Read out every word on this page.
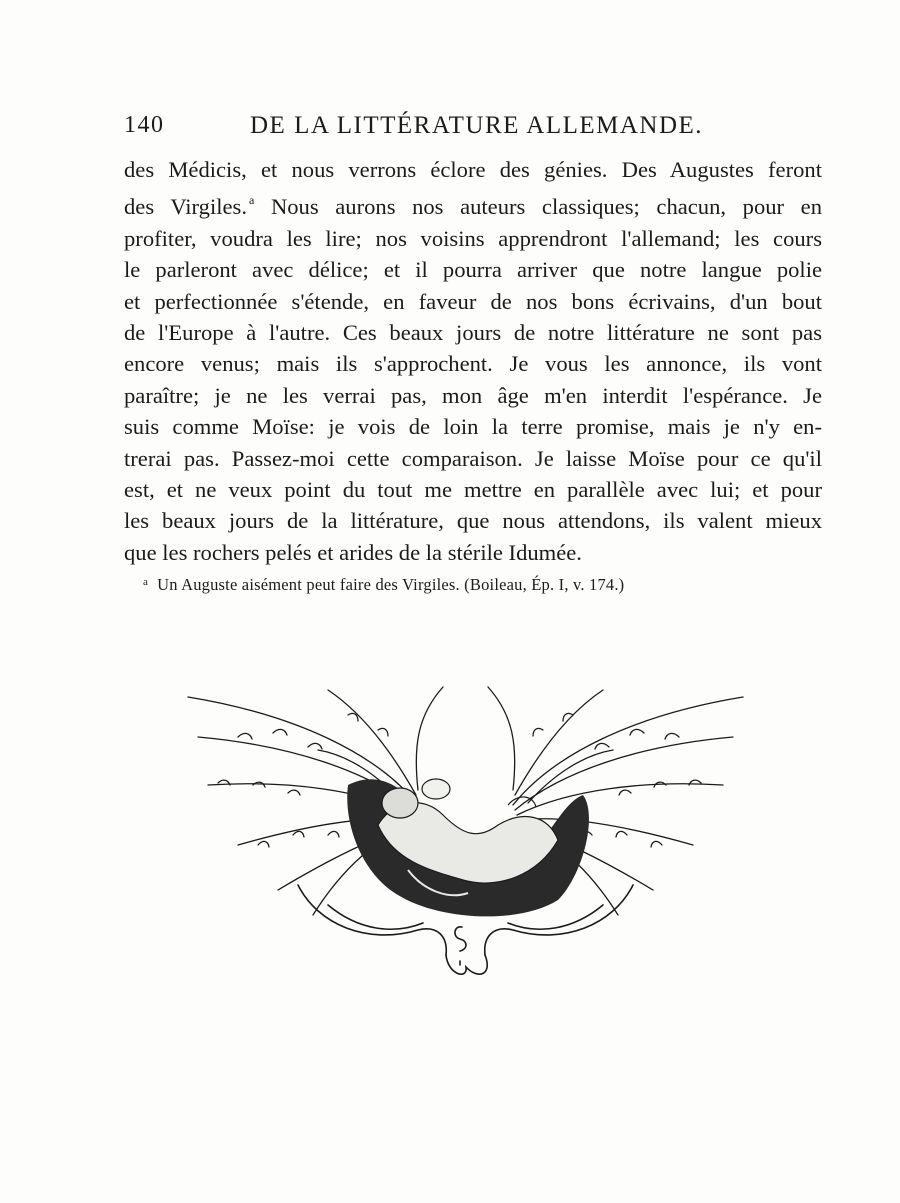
140	DE LA LITTÉRATURE ALLEMANDE.
des Médicis, et nous verrons éclore des génies. Des Augustes feront
des Virgiles. $^a$ Nous aurons nos auteurs classiques; chacun, pour en
profiter, voudra les lire; nos voisins apprendront l'allemand; les cours
le parleront avec délice; et il pourra arriver que notre langue polie
et perfectionnée s'étende, en faveur de nos bons écrivains, d'un bout
de l'Europe à l'autre. Ces beaux jours de notre littérature ne sont pas
encore venus; mais ils s'approchent. Je vous les annonce, ils vont
paraître; je ne les verrai pas, mon âge m'en interdit l'espérance. Je
suis comme Moïse: je vois de loin la terre promise, mais je n'y en-
trerai pas. Passez-moi cette comparaison. Je laisse Moïse pour ce qu'il
est, et ne veux point du tout me mettre en parallèle avec lui; et pour
les beaux jours de la littérature, que nous attendons, ils valent mieux
que les rochers pelés et arides de la stérile Idumée.
$^a$ Un Auguste aisément peut faire des Virgiles. (Boileau, Ép. I, v. 174.)
